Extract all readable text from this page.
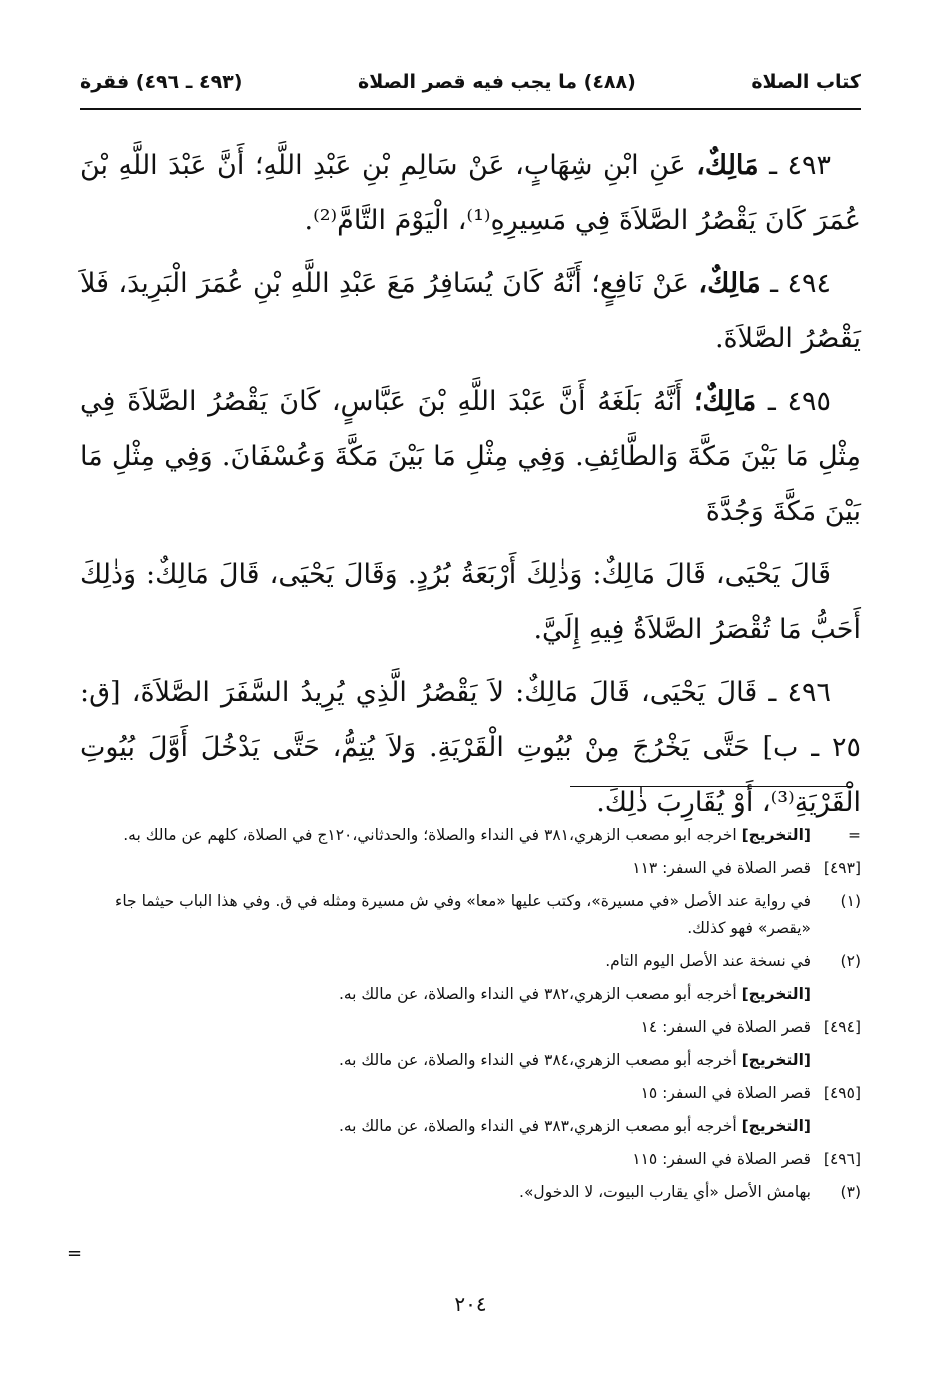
كتاب الصلاة
(٤٨٨) ما يجب فيه قصر الصلاة
(٤٩٣ ـ ٤٩٦) فقرة

٤٩٣ ـ مَالِكٌ، عَنِ ابْنِ شِهَابٍ، عَنْ سَالِمِ بْنِ عَبْدِ اللَّهِ؛ أَنَّ عَبْدَ اللَّهِ بْنَ عُمَرَ كَانَ يَقْصُرُ الصَّلاَةَ فِي مَسِيرِهِ⁽¹⁾، الْيَوْمَ التَّامَّ⁽²⁾.

٤٩٤ ـ مَالِكٌ، عَنْ نَافِعٍ؛ أَنَّهُ كَانَ يُسَافِرُ مَعَ عَبْدِ اللَّهِ بْنِ عُمَرَ الْبَرِيدَ، فَلاَ يَقْصُرُ الصَّلاَةَ.

٤٩٥ ـ مَالِكٌ؛ أَنَّهُ بَلَغَهُ أَنَّ عَبْدَ اللَّهِ بْنَ عَبَّاسٍ، كَانَ يَقْصُرُ الصَّلاَةَ فِي مِثْلِ مَا بَيْنَ مَكَّةَ وَالطَّائِفِ. وَفِي مِثْلِ مَا بَيْنَ مَكَّةَ وَعُسْفَانَ. وَفِي مِثْلِ مَا بَيْنَ مَكَّةَ وَجُدَّةَ

قَالَ يَحْيَى، قَالَ مَالِكٌ: وَذٰلِكَ أَرْبَعَةُ بُرُدٍ. وَقَالَ يَحْيَى، قَالَ مَالِكٌ: وَذٰلِكَ أَحَبُّ مَا تُقْصَرُ الصَّلاَةُ فِيهِ إِلَيَّ.

٤٩٦ ـ قَالَ يَحْيَى، قَالَ مَالِكٌ: لاَ يَقْصُرُ الَّذِي يُرِيدُ السَّفَرَ الصَّلاَةَ، [ق: ٢٥ ـ ب] حَتَّى يَخْرُجَ مِنْ بُيُوتِ الْقَرْيَةِ. وَلاَ يُتِمُّ، حَتَّى يَدْخُلَ أَوَّلَ بُيُوتِ الْقَرْيَةِ⁽³⁾، أَوْ يُقَارِبَ ذٰلِكَ.

=
[التخريج] اخرجه ابو مصعب الزهري،٣٨١ في النداء والصلاة؛ والحدثاني،١٢٠ج في الصلاة، كلهم عن مالك به.
[٤٩٣]
قصر الصلاة في السفر: ١١٣
(١)
في رواية عند الأصل «في مسيرة»، وكتب عليها «معا» وفي ش مسيرة ومثله في ق. وفي هذا الباب حيثما جاء «يقصر» فهو كذلك.
(٢)
في نسخة عند الأصل اليوم التام.
[التخريج] أخرجه أبو مصعب الزهري،٣٨٢ في النداء والصلاة، عن مالك به.
[٤٩٤]
قصر الصلاة في السفر: ١٤
[التخريج] أخرجه أبو مصعب الزهري،٣٨٤ في النداء والصلاة، عن مالك به.
[٤٩٥]
قصر الصلاة في السفر: ١٥
[التخريج] أخرجه أبو مصعب الزهري،٣٨٣ في النداء والصلاة، عن مالك به.
[٤٩٦]
قصر الصلاة في السفر: ١١٥
(٣)
بهامش الأصل «أي يقارب البيوت، لا الدخول».
=
٢٠٤
